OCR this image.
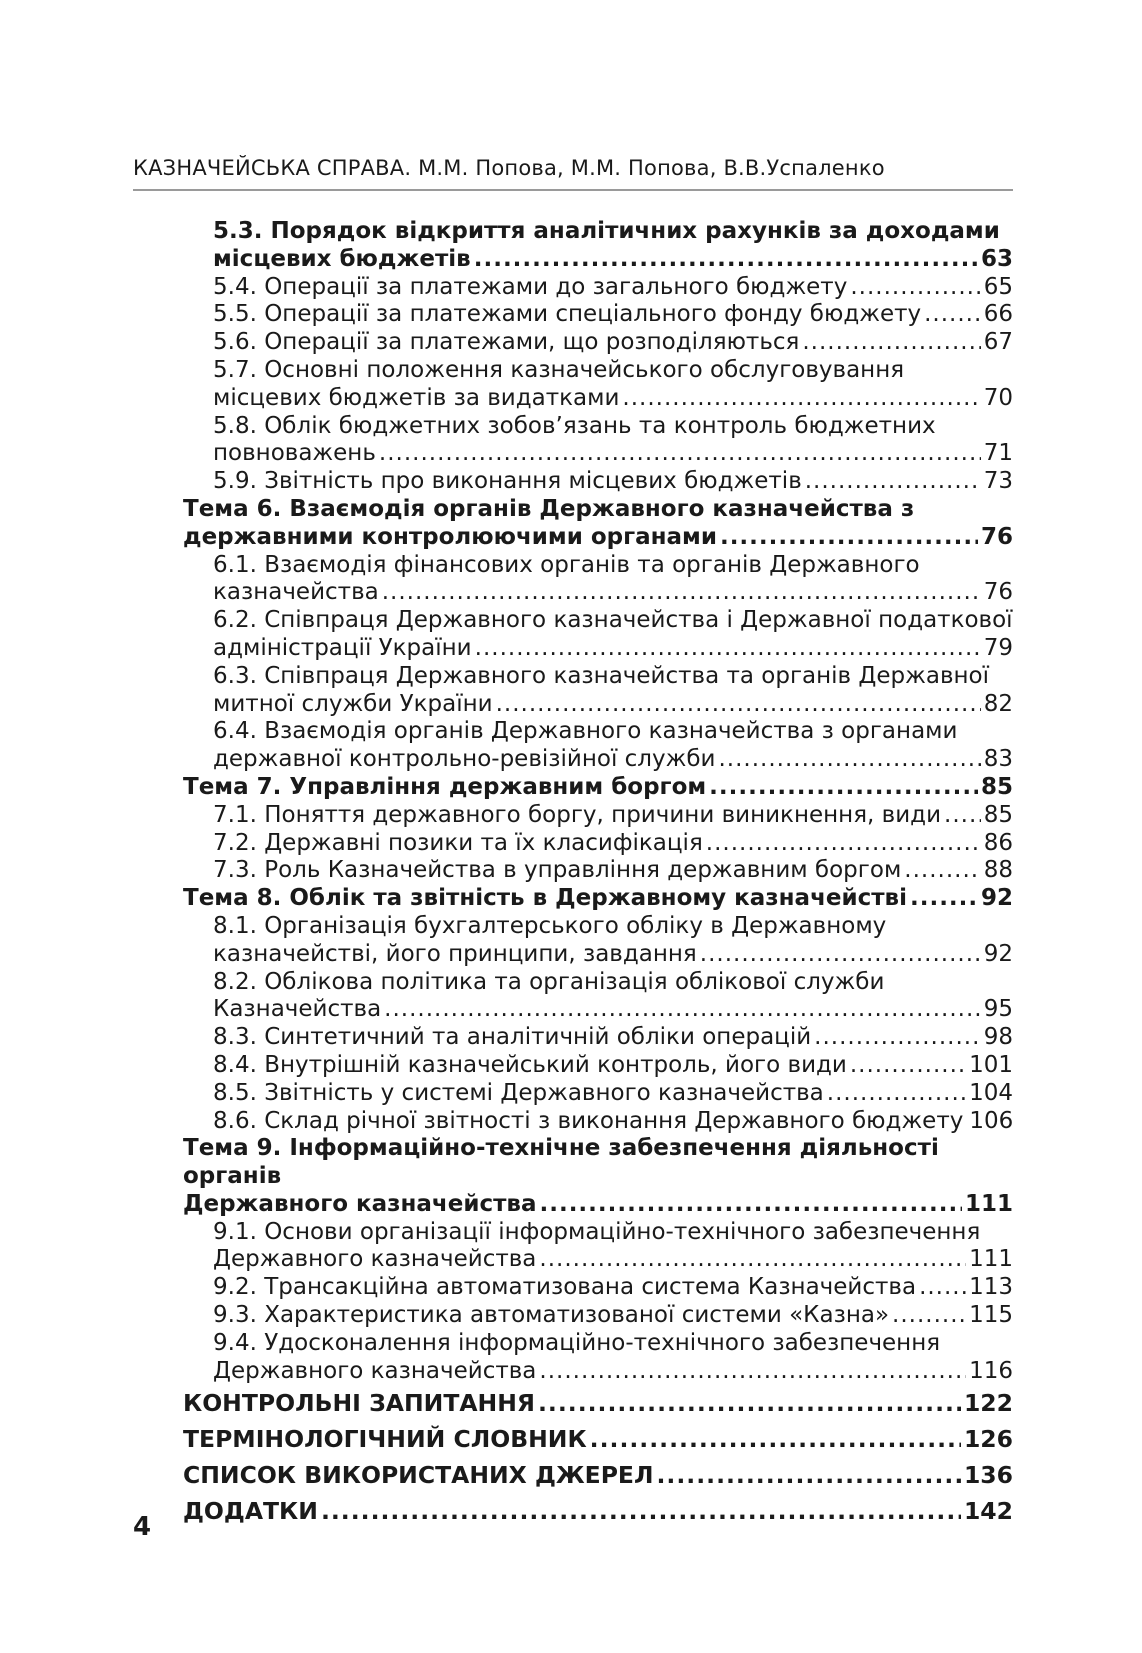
КАЗНАЧЕЙСЬКА СПРАВА. М.М. Попова, М.М. Попова, В.В.Успаленко
5.3. Порядок відкриття аналітичних рахунків за доходами
місцевих бюджетів .....	63
5.4. Операції за платежами до загального бюджету .....	65
5.5. Операції за платежами спеціального фонду бюджету .....	66
5.6. Операції за платежами, що розподіляються .....	67
5.7. Основні положення казначейського обслуговування
місцевих бюджетів за видатками .....	70
5.8. Облік бюджетних зобов’язань та контроль бюджетних
повноважень .....	71
5.9. Звітність про виконання місцевих бюджетів .....	73
Тема 6. Взаємодія органів Державного казначейства з
державними контролюючими органами .....	76
6.1. Взаємодія фінансових органів та органів Державного
казначейства .....	76
6.2. Співпраця Державного казначейства і Державної податкової
адміністрації України .....	79
6.3. Співпраця Державного казначейства та органів Державної
митної служби України .....	82
6.4. Взаємодія органів Державного казначейства з органами
державної контрольно-ревізійної служби .....	83
Тема 7. Управління державним боргом .....	85
7.1. Поняття державного боргу, причини виникнення, види ..... 85
7.2. Державні позики та їх класифікація .....	86
7.3. Роль Казначейства в управління державним боргом .....	88
Тема 8. Облік та звітність в Державному казначействі .....	92
8.1. Організація бухгалтерського обліку в Державному
казначействі, його принципи, завдання .....	92
8.2. Облікова політика та організація облікової служби
Казначейства .....	95
8.3. Синтетичний та аналітичній обліки операцій .....	98
8.4. Внутрішній казначейський контроль, його види .....	101
8.5. Звітність у системі Державного казначейства .....	104
8.6. Склад річної звітності з виконання Державного бюджету 106
Тема 9. Інформаційно-технічне забезпечення діяльності органів
Державного казначейства .....	111
9.1. Основи організації інформаційно-технічного забезпечення
Державного казначейства .....	111
9.2. Трансакційна автоматизована система Казначейства ..... 113
9.3. Характеристика автоматизованої системи «Казна» .....	115
9.4. Удосконалення інформаційно-технічного забезпечення
Державного казначейства .....	116
КОНТРОЛЬНІ ЗАПИТАННЯ .....	122
ТЕРМІНОЛОГІЧНИЙ СЛОВНИК .....	126
СПИСОК ВИКОРИСТАНИХ ДЖЕРЕЛ .....	136
ДОДАТКИ .....	142
4
